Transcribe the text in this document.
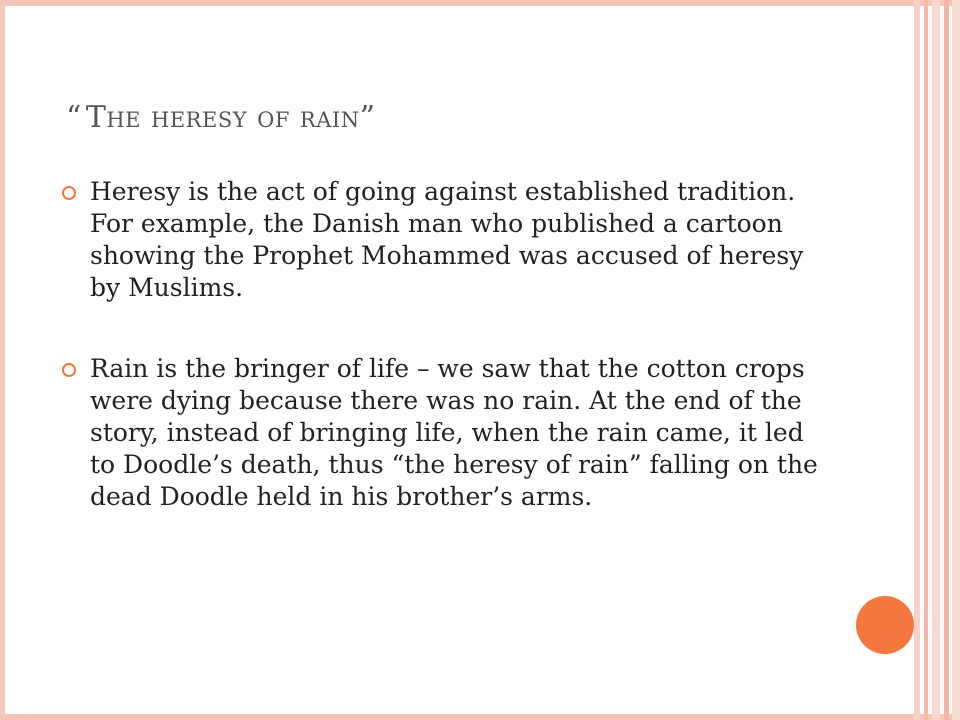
“ The heresy of rain”
Heresy is the act of going against established tradition. For example, the Danish man who published a cartoon showing the Prophet Mohammed was accused of heresy by Muslims.
Rain is the bringer of life – we saw that the cotton crops were dying because there was no rain. At the end of the story, instead of bringing life, when the rain came, it led to Doodle’s death, thus “the heresy of rain” falling on the dead Doodle held in his brother’s arms.
